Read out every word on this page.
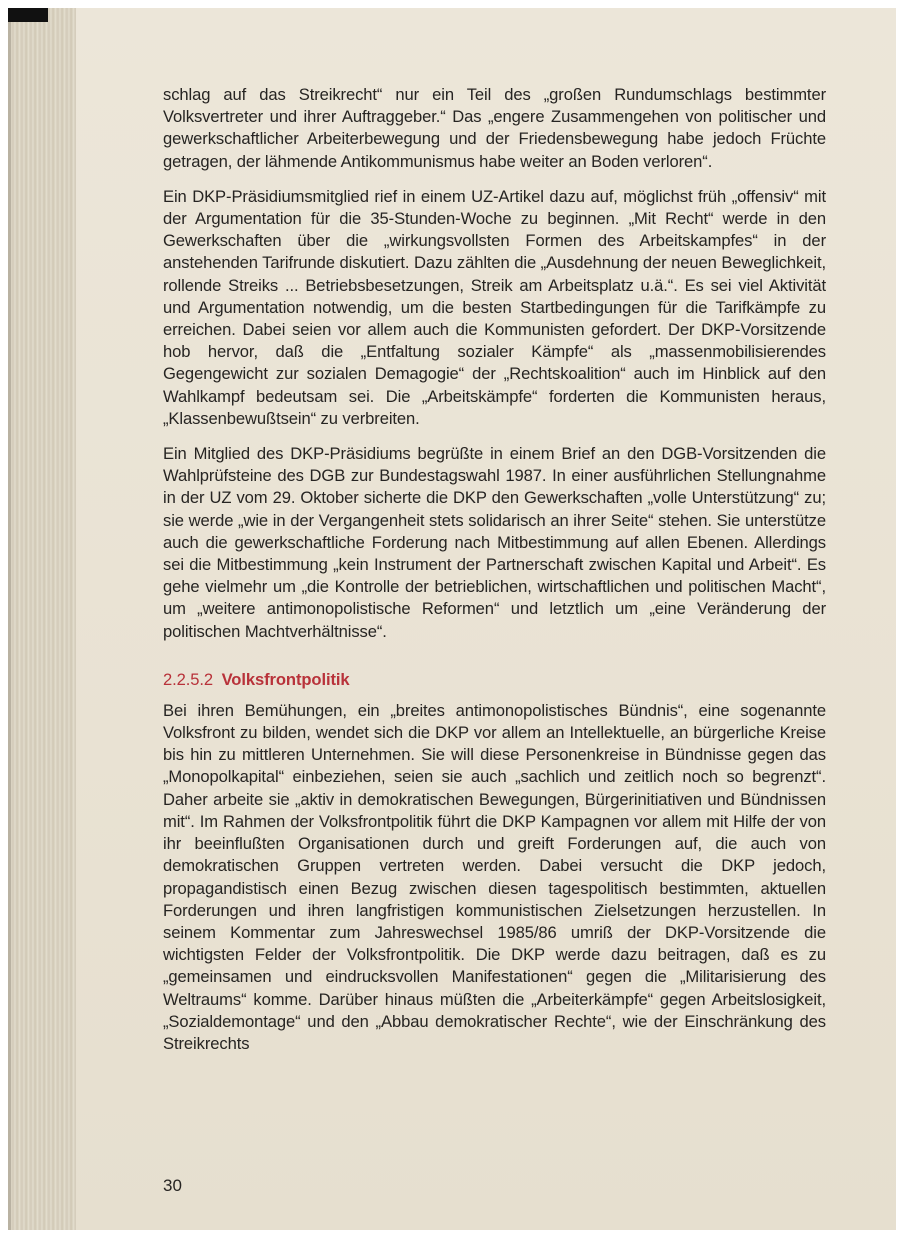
schlag auf das Streikrecht“ nur ein Teil des „großen Rundumschlags bestimmter Volksvertreter und ihrer Auftraggeber.“ Das „engere Zusammengehen von politischer und gewerkschaftlicher Arbeiterbewegung und der Friedensbewegung habe jedoch Früchte getragen, der lähmende Antikommunismus habe weiter an Boden verloren“.

Ein DKP-Präsidiumsmitglied rief in einem UZ-Artikel dazu auf, möglichst früh „offensiv“ mit der Argumentation für die 35-Stunden-Woche zu beginnen. „Mit Recht“ werde in den Gewerkschaften über die „wirkungsvollsten Formen des Arbeitskampfes“ in der anstehenden Tarifrunde diskutiert. Dazu zählten die „Ausdehnung der neuen Beweglichkeit, rollende Streiks ... Betriebsbesetzungen, Streik am Arbeitsplatz u.ä.“. Es sei viel Aktivität und Argumentation notwendig, um die besten Startbedingungen für die Tarifkämpfe zu erreichen. Dabei seien vor allem auch die Kommunisten gefordert. Der DKP-Vorsitzende hob hervor, daß die „Entfaltung sozialer Kämpfe“ als „massenmobilisierendes Gegengewicht zur sozialen Demagogie“ der „Rechtskoalition“ auch im Hinblick auf den Wahlkampf bedeutsam sei. Die „Arbeitskämpfe“ forderten die Kommunisten heraus, „Klassenbewußtsein“ zu verbreiten.

Ein Mitglied des DKP-Präsidiums begrüßte in einem Brief an den DGB-Vorsitzenden die Wahlprüfsteine des DGB zur Bundestagswahl 1987. In einer ausführlichen Stellungnahme in der UZ vom 29. Oktober sicherte die DKP den Gewerkschaften „volle Unterstützung“ zu; sie werde „wie in der Vergangenheit stets solidarisch an ihrer Seite“ stehen. Sie unterstütze auch die gewerkschaftliche Forderung nach Mitbestimmung auf allen Ebenen. Allerdings sei die Mitbestimmung „kein Instrument der Partnerschaft zwischen Kapital und Arbeit“. Es gehe vielmehr um „die Kontrolle der betrieblichen, wirtschaftlichen und politischen Macht“, um „weitere antimonopolistische Reformen“ und letztlich um „eine Veränderung der politischen Machtverhältnisse“.

2.2.5.2 Volksfrontpolitik

Bei ihren Bemühungen, ein „breites antimonopolistisches Bündnis“, eine sogenannte Volksfront zu bilden, wendet sich die DKP vor allem an Intellektuelle, an bürgerliche Kreise bis hin zu mittleren Unternehmen. Sie will diese Personenkreise in Bündnisse gegen das „Monopolkapital“ einbeziehen, seien sie auch „sachlich und zeitlich noch so begrenzt“. Daher arbeite sie „aktiv in demokratischen Bewegungen, Bürgerinitiativen und Bündnissen mit“. Im Rahmen der Volksfrontpolitik führt die DKP Kampagnen vor allem mit Hilfe der von ihr beeinflußten Organisationen durch und greift Forderungen auf, die auch von demokratischen Gruppen vertreten werden. Dabei versucht die DKP jedoch, propagandistisch einen Bezug zwischen diesen tagespolitisch bestimmten, aktuellen Forderungen und ihren langfristigen kommunistischen Zielsetzungen herzustellen. In seinem Kommentar zum Jahreswechsel 1985/86 umriß der DKP-Vorsitzende die wichtigsten Felder der Volksfrontpolitik. Die DKP werde dazu beitragen, daß es zu „gemeinsamen und eindrucksvollen Manifestationen“ gegen die „Militarisierung des Weltraums“ komme. Darüber hinaus müßten die „Arbeiterkämpfe“ gegen Arbeitslosigkeit, „Sozialdemontage“ und den „Abbau demokratischer Rechte“, wie der Einschränkung des Streikrechts

30
